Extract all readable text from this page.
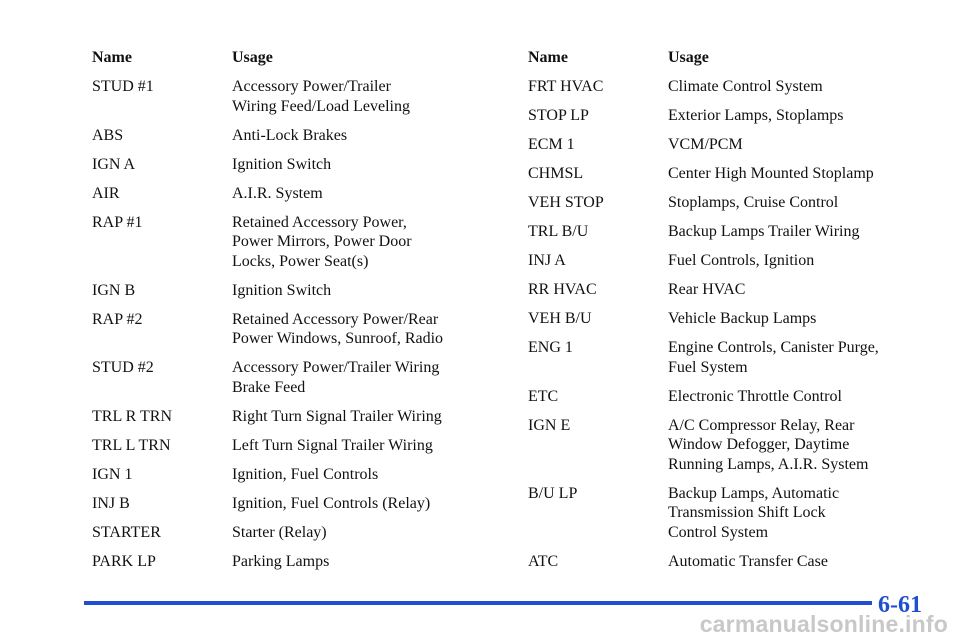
Name	Usage
STUD #1	Accessory Power/Trailer
Wiring Feed/Load Leveling
ABS	Anti-Lock Brakes
IGN A	Ignition Switch
AIR	A.I.R. System
RAP #1	Retained Accessory Power,
Power Mirrors, Power Door
Locks, Power Seat(s)
IGN B	Ignition Switch
RAP #2	Retained Accessory Power/Rear
Power Windows, Sunroof, Radio
STUD #2	Accessory Power/Trailer Wiring
Brake Feed
TRL R TRN	Right Turn Signal Trailer Wiring
TRL L TRN	Left Turn Signal Trailer Wiring
IGN 1	Ignition, Fuel Controls
INJ B	Ignition, Fuel Controls (Relay)
STARTER	Starter (Relay)
PARK LP	Parking Lamps
Name	Usage
FRT HVAC	Climate Control System
STOP LP	Exterior Lamps, Stoplamps
ECM 1	VCM/PCM
CHMSL	Center High Mounted Stoplamp
VEH STOP	Stoplamps, Cruise Control
TRL B/U	Backup Lamps Trailer Wiring
INJ A	Fuel Controls, Ignition
RR HVAC	Rear HVAC
VEH B/U	Vehicle Backup Lamps
ENG 1	Engine Controls, Canister Purge,
Fuel System
ETC	Electronic Throttle Control
IGN E	A/C Compressor Relay, Rear
Window Defogger, Daytime
Running Lamps, A.I.R. System
B/U LP	Backup Lamps, Automatic
Transmission Shift Lock
Control System
ATC	Automatic Transfer Case
6-61
carmanualsonline.info
